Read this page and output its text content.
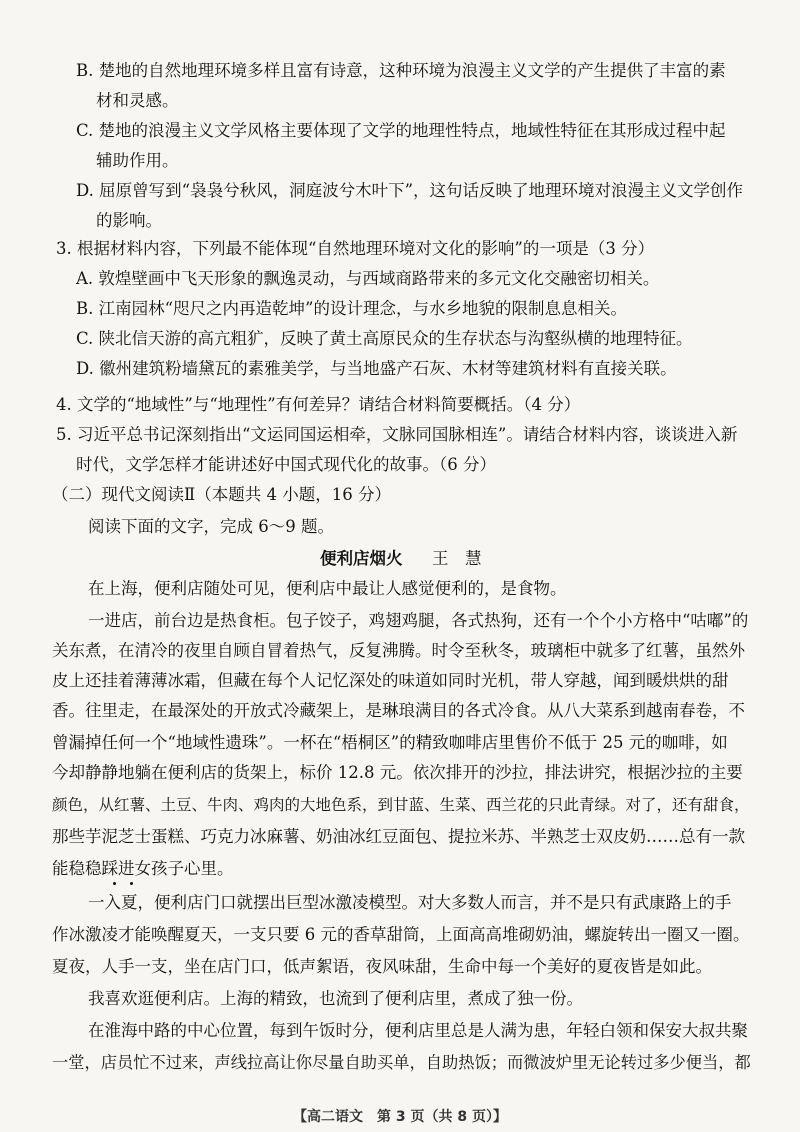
B. 楚地的自然地理环境多样且富有诗意，这种环境为浪漫主义文学的产生提供了丰富的素
材和灵感。
C. 楚地的浪漫主义文学风格主要体现了文学的地理性特点，地域性特征在其形成过程中起
辅助作用。
D. 屈原曾写到“袅袅兮秋风，洞庭波兮木叶下”，这句话反映了地理环境对浪漫主义文学创作
的影响。
3. 根据材料内容，下列最不能体现“自然地理环境对文化的影响”的一项是（3 分）
A. 敦煌壁画中飞天形象的飘逸灵动，与西域商路带来的多元文化交融密切相关。
B. 江南园林“咫尺之内再造乾坤”的设计理念，与水乡地貌的限制息息相关。
C. 陕北信天游的高亢粗犷，反映了黄土高原民众的生存状态与沟壑纵横的地理特征。
D. 徽州建筑粉墙黛瓦的素雅美学，与当地盛产石灰、木材等建筑材料有直接关联。
4. 文学的“地域性”与“地理性”有何差异？请结合材料简要概括。（4 分）
5. 习近平总书记深刻指出“文运同国运相牵，文脉同国脉相连”。请结合材料内容，谈谈进入新
时代，文学怎样才能讲述好中国式现代化的故事。（6 分）
（二）现代文阅读Ⅱ（本题共 4 小题，16 分）
阅读下面的文字，完成 6～9 题。
便利店烟火 王　慧
在上海，便利店随处可见，便利店中最让人感觉便利的，是食物。
一进店，前台边是热食柜。包子饺子，鸡翅鸡腿，各式热狗，还有一个个小方格中“咕嘟”的
关东煮，在清冷的夜里自顾自冒着热气，反复沸腾。时令至秋冬，玻璃柜中就多了红薯，虽然外
皮上还挂着薄薄冰霜，但藏在每个人记忆深处的味道如同时光机，带人穿越，闻到暖烘烘的甜
香。往里走，在最深处的开放式冷藏架上，是琳琅满目的各式冷食。从八大菜系到越南春卷，不
曾漏掉任何一个“地域性遗珠”。一杯在“梧桐区”的精致咖啡店里售价不低于 25 元的咖啡，如
今却静静地躺在便利店的货架上，标价 12.8 元。依次排开的沙拉，排法讲究，根据沙拉的主要
颜色，从红薯、土豆、牛肉、鸡肉的大地色系，到甘蓝、生菜、西兰花的只此青绿。对了，还有甜食，
那些芋泥芝士蛋糕、巧克力冰麻薯、奶油冰红豆面包、提拉米苏、半熟芝士双皮奶……总有一款
能稳稳踩进女孩子心里。
一入夏，便利店门口就摆出巨型冰激凌模型。对大多数人而言，并不是只有武康路上的手
作冰激凌才能唤醒夏天，一支只要 6 元的香草甜筒，上面高高堆砌奶油，螺旋转出一圈又一圈。
夏夜，人手一支，坐在店门口，低声絮语，夜风味甜，生命中每一个美好的夏夜皆是如此。
我喜欢逛便利店。上海的精致，也流到了便利店里，煮成了独一份。
在淮海中路的中心位置，每到午饭时分，便利店里总是人满为患，年轻白领和保安大叔共聚
一堂，店员忙不过来，声线拉高让你尽量自助买单，自助热饭；而微波炉里无论转过多少便当，都
【高二语文　第 3 页（共 8 页）】
